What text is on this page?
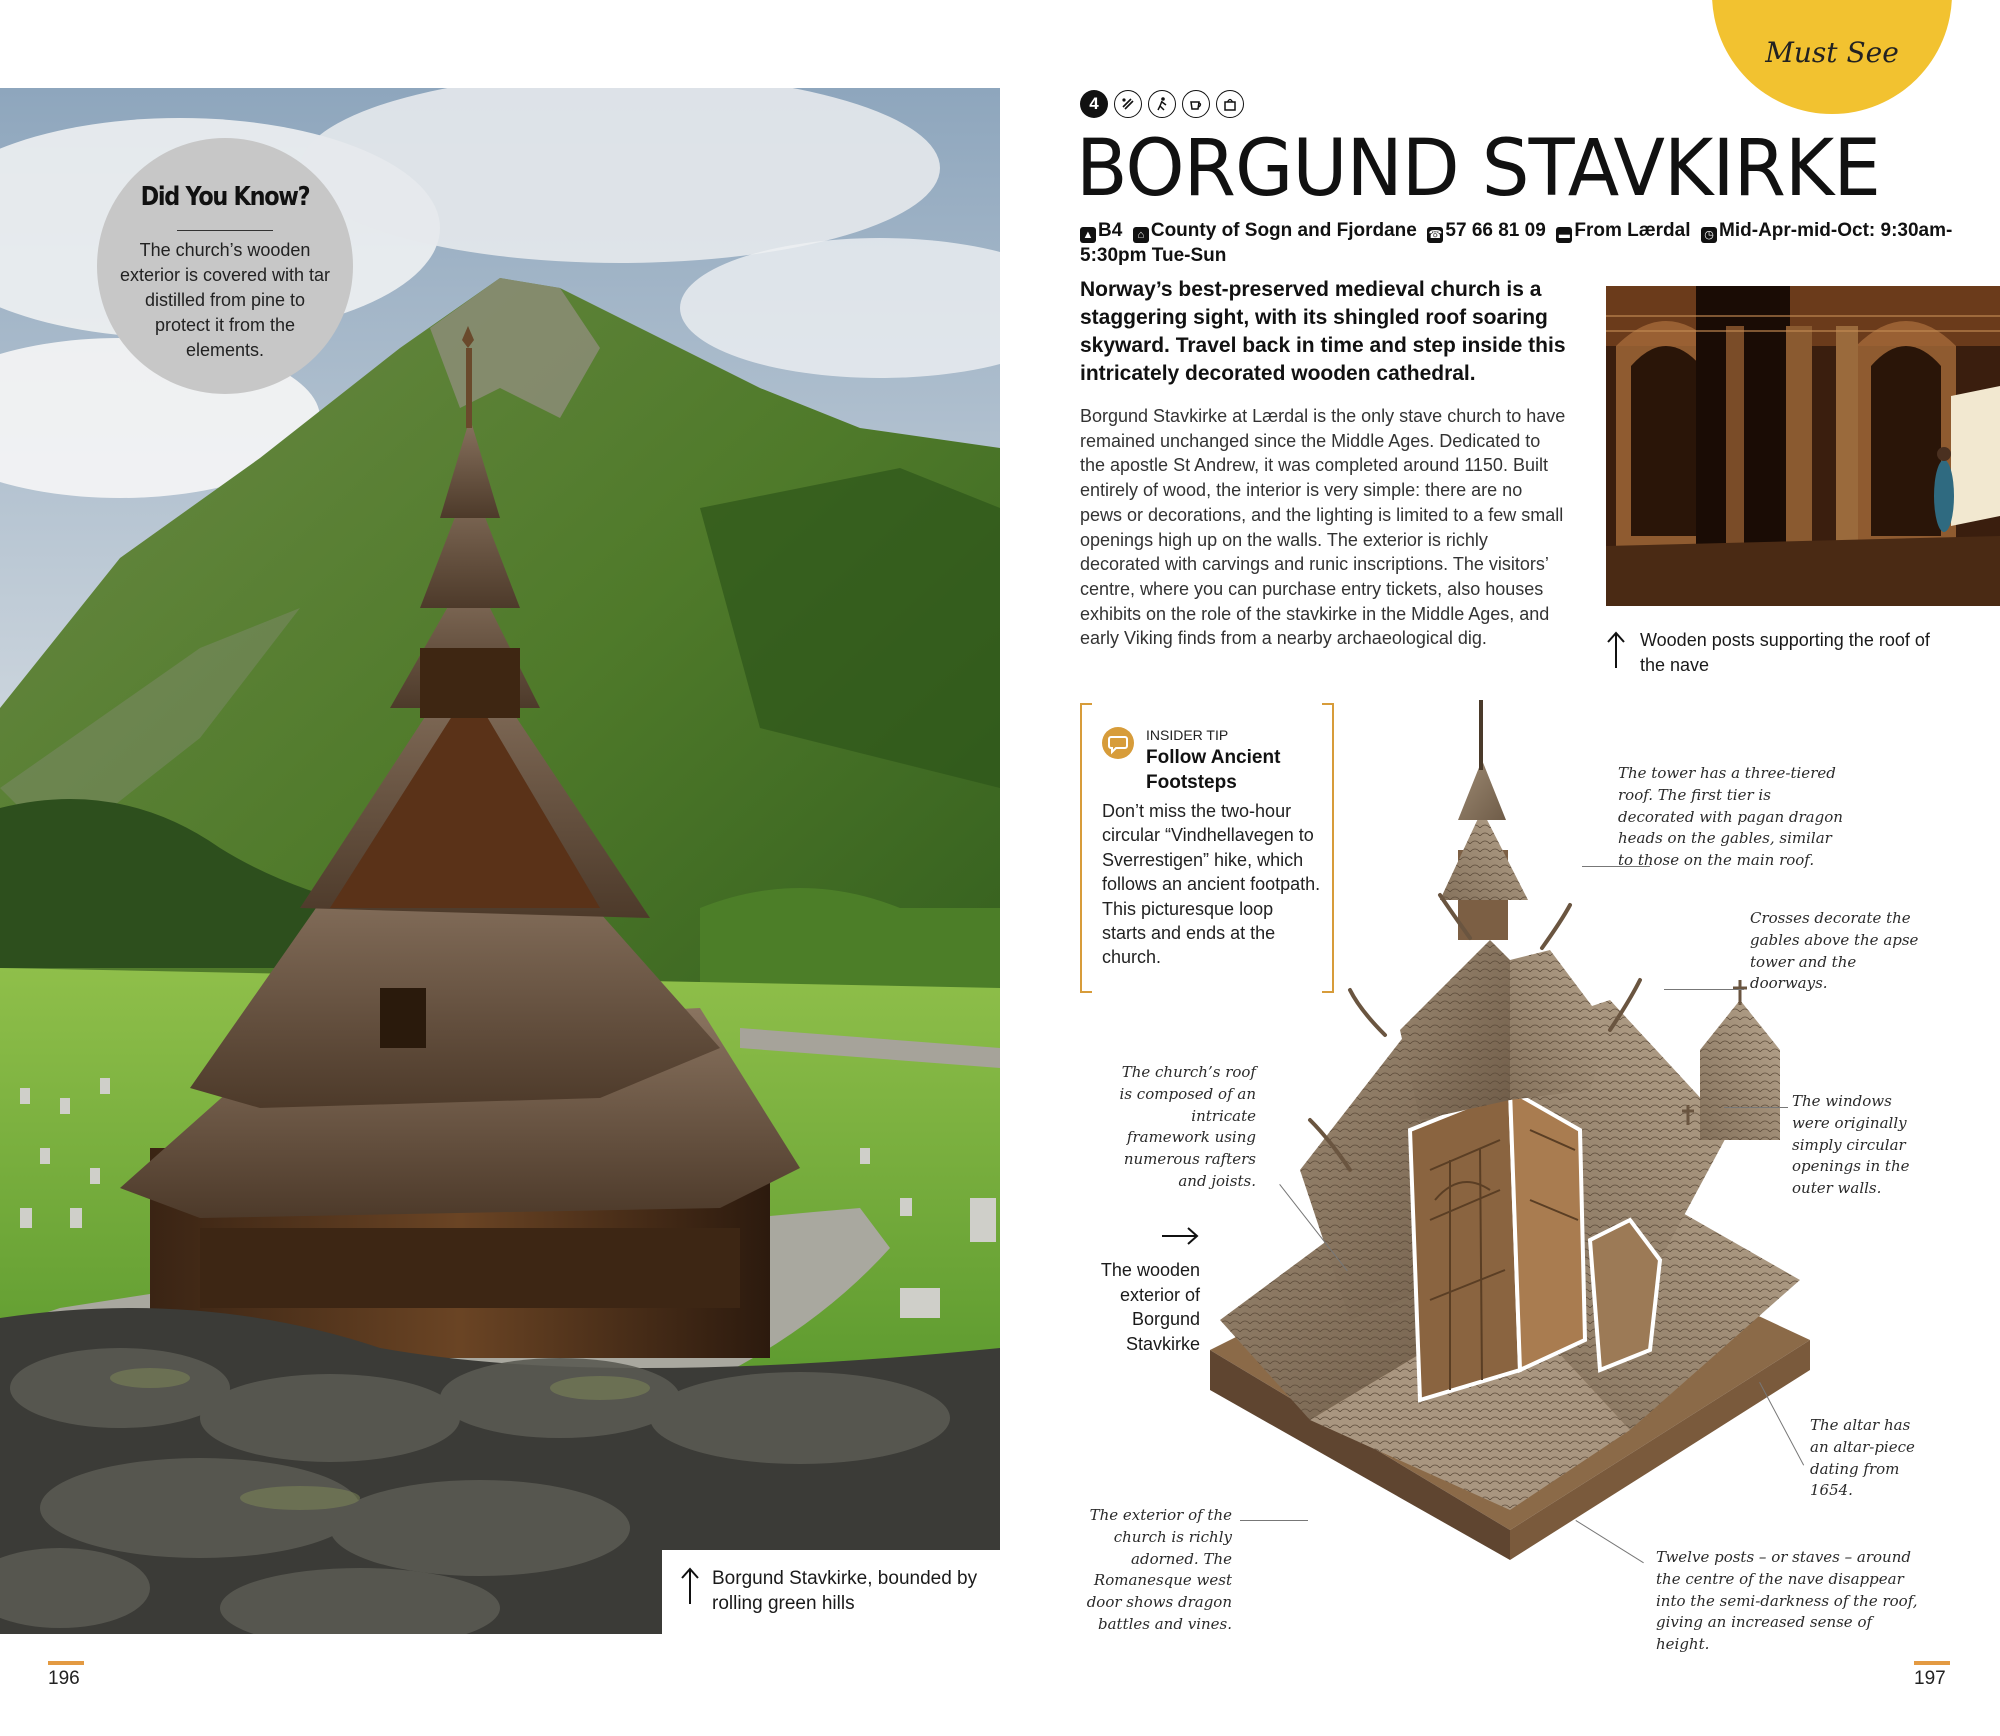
Did You Know?
The church’s wooden exterior is covered with tar distilled from pine to protect it from the elements.
Borgund Stavkirke, bounded by rolling green hills
196
Must See
4
BORGUND STAVKIRKE
▲ B4 ⌂ County of Sogn and Fjordane ☎ 57 66 81 09 ▬ From Lærdal ◷ Mid-Apr-mid-Oct: 9:30am-5:30pm Tue-Sun
Norway’s best-preserved medieval church is a staggering sight, with its shingled roof soaring skyward. Travel back in time and step inside this intricately decorated wooden cathedral.
Borgund Stavkirke at Lærdal is the only stave church to have remained unchanged since the Middle Ages. Dedicated to the apostle St Andrew, it was completed around 1150. Built entirely of wood, the interior is very simple: there are no pews or decorations, and the lighting is limited to a few small openings high up on the walls. The exterior is richly decorated with carvings and runic inscriptions. The visitors’ centre, where you can purchase entry tickets, also houses exhibits on the role of the stavkirke in the Middle Ages, and early Viking finds from a nearby archaeological dig.	Wooden posts supporting the roof of the nave
INSIDER TIP
Follow Ancient Footsteps
Don’t miss the two-hour circular “Vindhellavegen to Sverrestigen” hike, which follows an ancient footpath. This picturesque loop starts and ends at the church.
The tower has a three-tiered roof. The first tier is decorated with pagan dragon heads on the gables, similar to those on the main roof.
Crosses decorate the gables above the apse tower and the doorways.
The church’s roof is composed of an intricate framework using numerous rafters and joists.
The windows were originally simply circular openings in the outer walls.
The altar has an altar-piece dating from 1654.
The exterior of the church is richly adorned. The Romanesque west door shows dragon battles and vines.
Twelve posts – or staves – around the centre of the nave disappear into the semi-darkness of the roof, giving an increased sense of height.
The wooden exterior of Borgund Stavkirke
197
